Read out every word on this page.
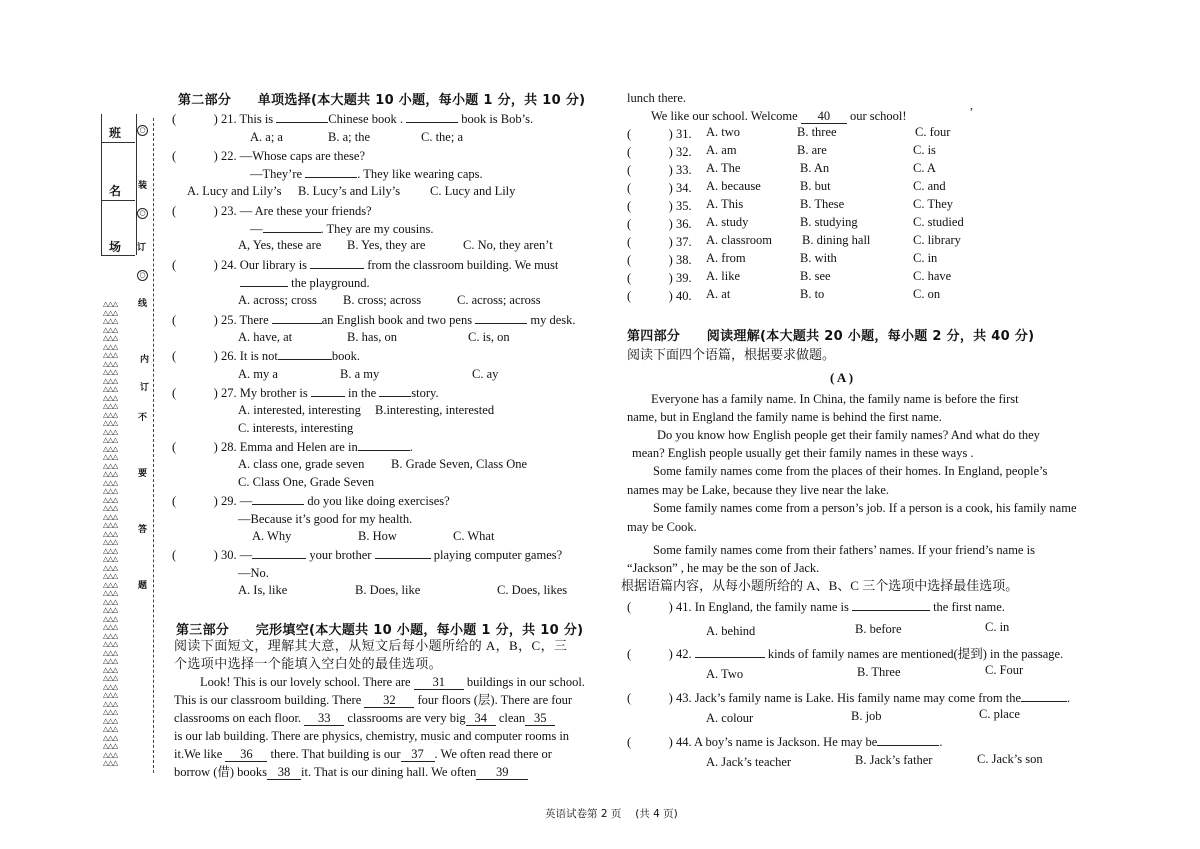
班
名
场
○
○
○
装
订
线
内
订
不
要
答
题
△△△
△△△
△△△
△△△
△△△
△△△
△△△
△△△
△△△
△△△
△△△
△△△
△△△
△△△
△△△
△△△
△△△
△△△
△△△
△△△
△△△
△△△
△△△
△△△
△△△
△△△
△△△
△△△
△△△
△△△
△△△
△△△
△△△
△△△
△△△
△△△
△△△
△△△
△△△
△△△
△△△
△△△
△△△
△△△
△△△
△△△
△△△
△△△
△△△
△△△
△△△
△△△
△△△
△△△
△△△
第二部分　　单项选择(本大题共 10 小题，每小题 1 分，共 10 分)
(　　　) 21. This is	Chinese book .	book is Bob’s.
A. a; a	B. a; the	C. the; a
(　　　) 22. —Whose caps are these?
—They’re	. They like wearing caps.
A. Lucy and Lily’s B. Lucy’s and Lily’s C. Lucy and Lily
(　　　) 23. — Are these your friends?
—	. They are my cousins.
A, Yes, these are B. Yes, they are	C. No, they aren’t
(　　　) 24. Our library is	from the classroom building. We must
the playground.
A. across; cross B. cross; across	C. across; across
(　　　) 25. There	an English book and two pens	my desk.
A. have, at	B. has, on	C. is, on
(　　　) 26. It is not	book.
A. my a	B. a my	C. ay
(　　　) 27. My brother is	in the	story.
A. interested, interesting B.interesting, interested
C. interests, interesting
(　　　) 28. Emma and Helen are in	.
A. class one, grade seven B. Grade Seven, Class One
C. Class One, Grade Seven
(　　　) 29. —	do you like doing exercises?
—Because it’s good for my health.
A. Why	B. How	C. What
(　　　) 30. —	your brother	playing computer games?
—No.
A. Is, like	B. Does, like	C. Does, likes
第三部分　　完形填空(本大题共 10 小题，每小题 1 分，共 10 分)
阅读下面短文，理解其大意，从短文后每小题所给的 A，B，C，三
个选项中选择一个能填入空白处的最佳选项。
Look! This is our lovely school. There are 31 buildings in our school.
This is our classroom building. There 32 four floors (层). There are four
classrooms on each floor. 33 classrooms are very big 34 clean 35
is our lab building. There are physics, chemistry, music and computer rooms in
it.We like 36 there. That building is our 37 . We often read there or
borrow (借) books 38 it. That is our dining hall. We often 39
lunch there.
We like our school. Welcome 40 our school!
,
(　　　) 31. A. two	B. three	C. four
(　　　) 32. A. am	B. are	C. is
(　　　) 33. A. The	B. An	C. A
(　　　) 34. A. because	B. but	C. and
(　　　) 35. A. This	B. These	C. They
(　　　) 36. A. study	B. studying	C. studied
(　　　) 37. A. classroom B. dining hall	C. library
(　　　) 38. A. from	B. with	C. in
(　　　) 39. A. like	B. see	C. have
(　　　) 40. A. at	B. to	C. on
第四部分　　阅读理解(本大题共 20 小题，每小题 2 分，共 40 分)
阅读下面四个语篇，根据要求做题。
( A )
Everyone has a family name. In China, the family name is before the first
name, but in England the family name is behind the first name.
Do you know how English people get their family names? And what do they
mean? English people usually get their family names in these ways .
Some family names come from the places of their homes. In England, people’s
names may be Lake, because they live near the lake.
Some family names come from a person’s job. If a person is a cook, his family name
may be Cook.
Some family names come from their fathers’ names. If your friend’s name is
“Jackson” , he may be the son of Jack.
根据语篇内容，从每小题所给的 A、B、C 三个选项中选择最佳选项。
(　　　) 41. In England, the family name is	the first name.
A. behind	B. before	C. in
(　　　) 42.	kinds of family names are mentioned(提到) in the passage.
A. Two	B. Three	C. Four
(　　　) 43. Jack’s family name is Lake. His family name may come from the	.
A. colour	B. job	C. place
(　　　) 44. A boy’s name is Jackson. He may be	.
A. Jack’s teacher	B. Jack’s father	C. Jack’s son
英语试卷第 2 页　 (共 4 页)
